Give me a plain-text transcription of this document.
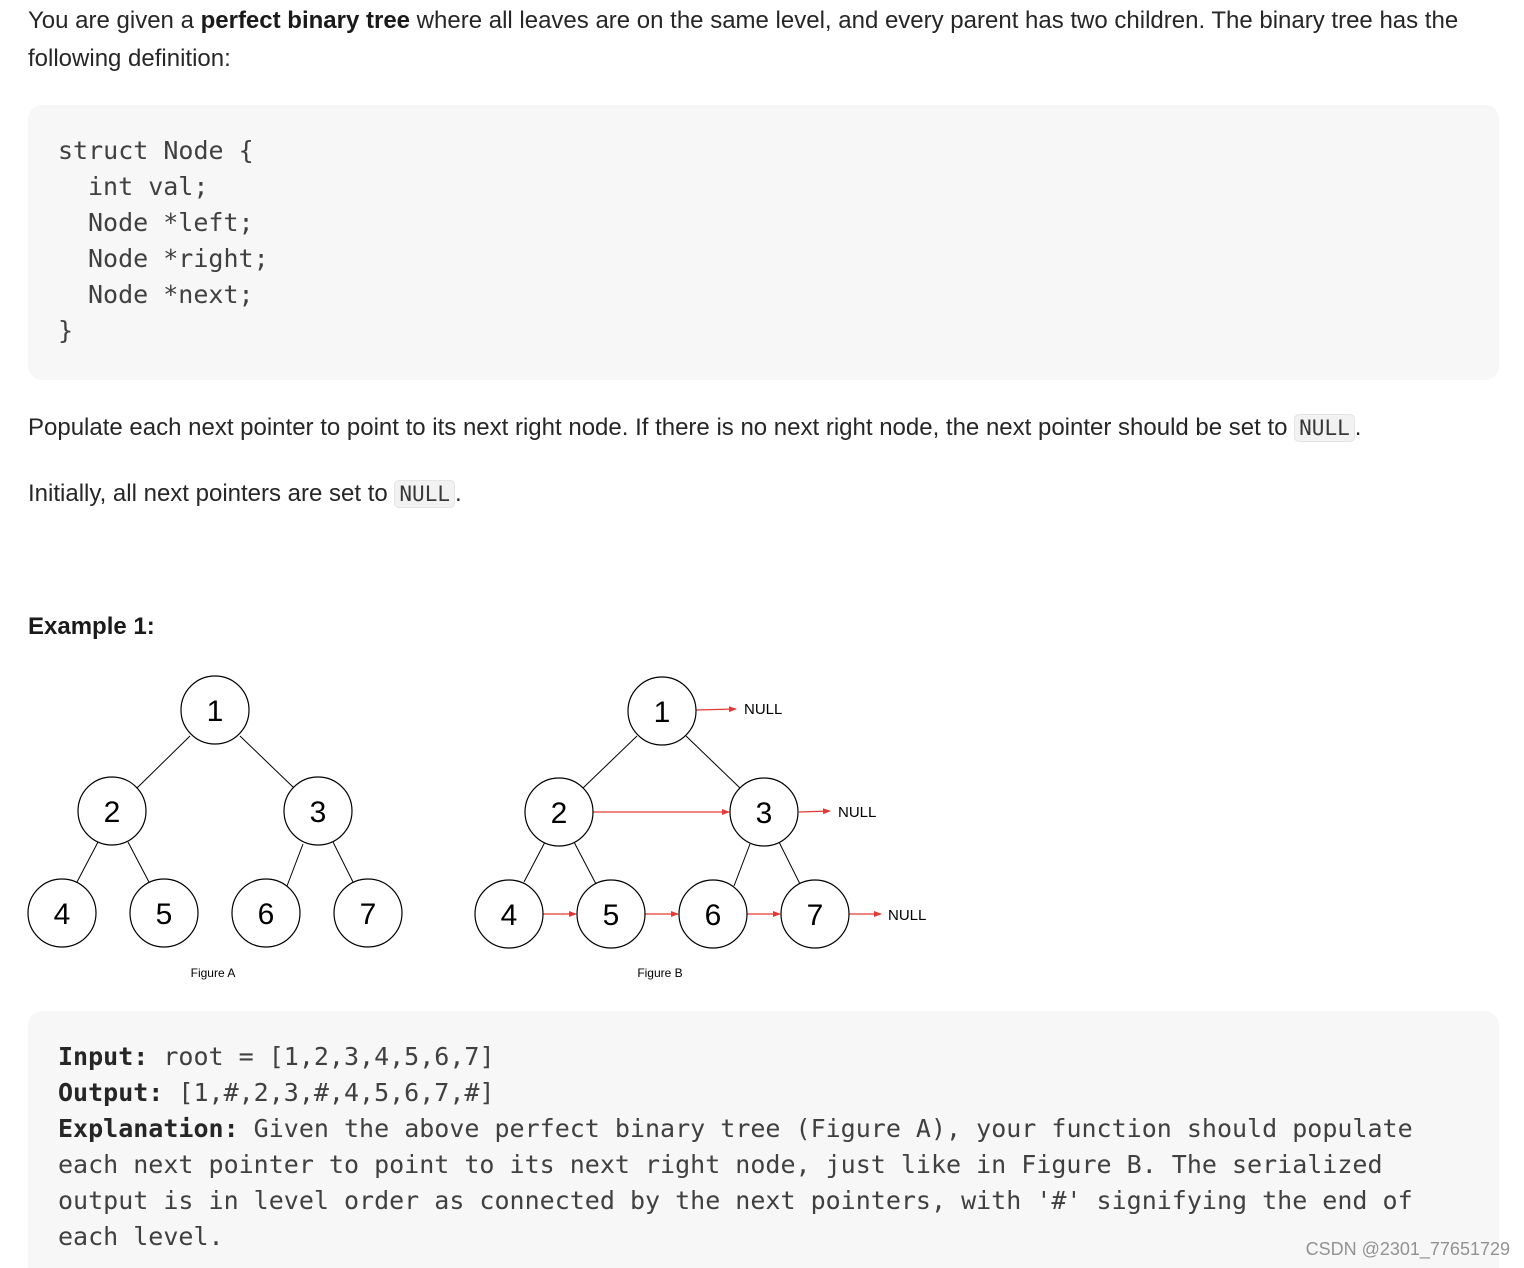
You are given a perfect binary tree where all leaves are on the same level, and every parent has two children. The binary tree has the following definition:

struct Node {
int val;
Node *left;
Node *right;
Node *next;
}

Populate each next pointer to point to its next right node. If there is no next right node, the next pointer should be set to NULL .

Initially, all next pointers are set to NULL .

Example 1:
1
2	3
4	5	6	7
Figure A
1
2	3
4	5	6	7
NULL
NULL
NULL
Figure B
Input: root = [1,2,3,4,5,6,7]
Output: [1,#,2,3,#,4,5,6,7,#]
Explanation: Given the above perfect binary tree (Figure A), your function should populate each next pointer to point to its next right node, just like in Figure B. The serialized output is in level order as connected by the next pointers, with '#' signifying the end of each level.	CSDN @2301_77651729
